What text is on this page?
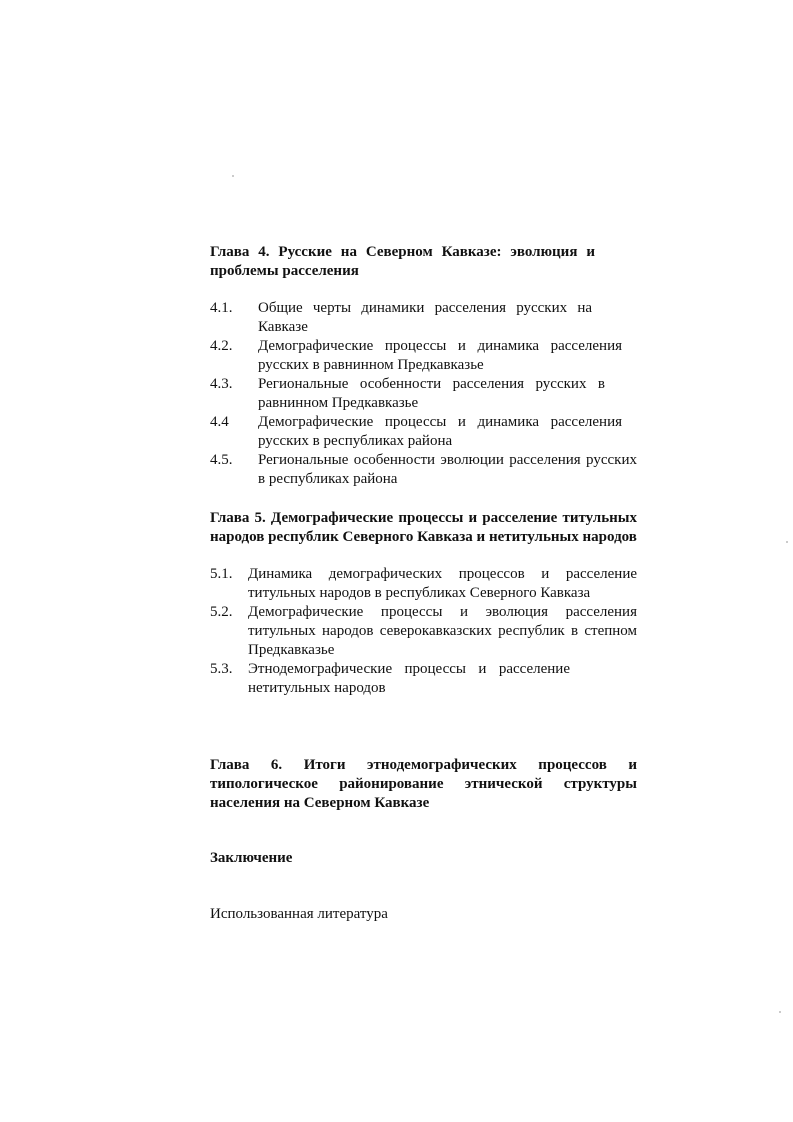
Глава 4. Русские на Северном Кавказе: эволюция и проблемы расселения
4.1.	Общие черты динамики расселения русских на Кавказе
4.2.	Демографические процессы и динамика расселения русских в равнинном Предкавказье
4.3.	Региональные особенности расселения русских в равнинном Предкавказье
4.4	Демографические процессы и динамика расселения русских в республиках района
4.5.	Региональные особенности эволюции расселения русских в республиках района
Глава 5. Демографические процессы и расселение титульных народов республик Северного Кавказа и нетитульных народов
5.1.	Динамика демографических процессов и расселение титульных народов в республиках Северного Кавказа
5.2.	Демографические процессы и эволюция расселения титульных народов северокавказских республик в степном Предкавказье
5.3.	Этнодемографические процессы и расселение нетитульных народов
Глава 6. Итоги этнодемографических процессов и типологическое районирование этнической структуры населения на Северном Кавказе
Заключение
Использованная литература
